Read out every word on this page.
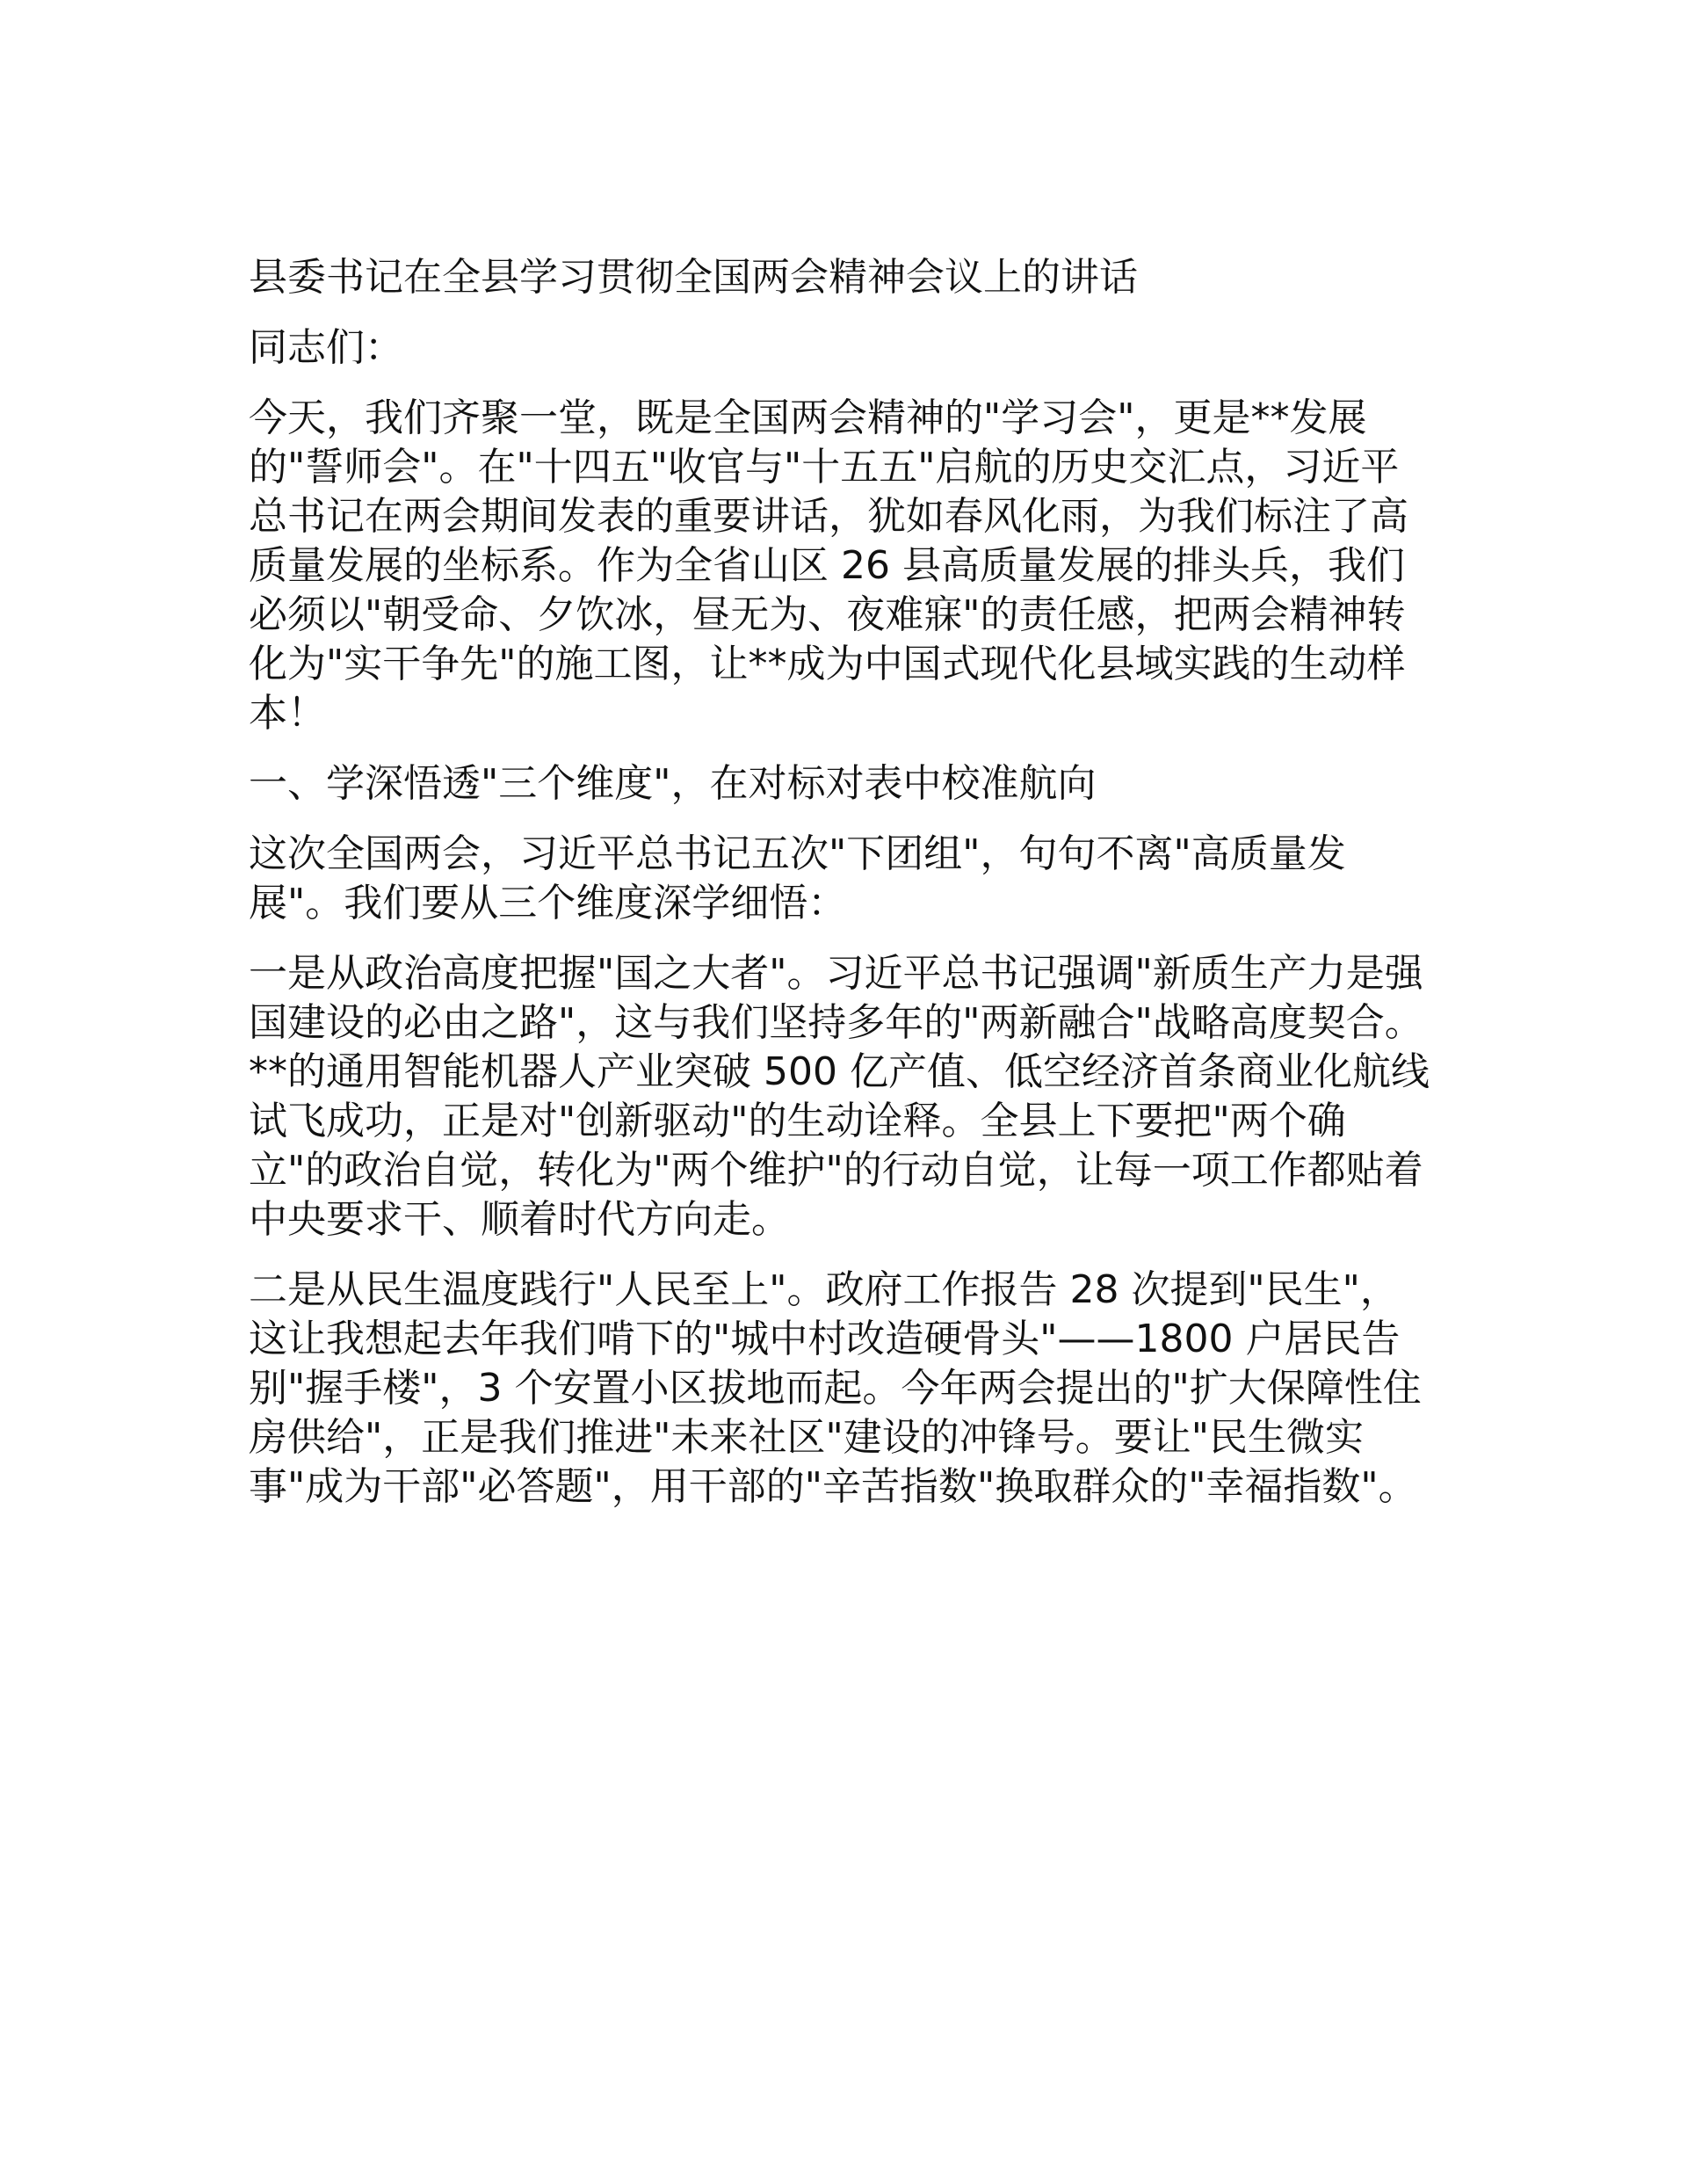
县委书记在全县学习贯彻全国两会精神会议上的讲话

同志们：

今天，我们齐聚一堂，既是全国两会精神的"学习会"，更是**发展的"誓师会"。在"十四五"收官与"十五五"启航的历史交汇点，习近平总书记在两会期间发表的重要讲话，犹如春风化雨，为我们标注了高质量发展的坐标系。作为全省山区 26 县高质量发展的排头兵，我们必须以"朝受命、夕饮冰，昼无为、夜难寐"的责任感，把两会精神转化为"实干争先"的施工图，让**成为中国式现代化县域实践的生动样本！

一、学深悟透"三个维度"，在对标对表中校准航向

这次全国两会，习近平总书记五次"下团组"，句句不离"高质量发展"。我们要从三个维度深学细悟：

一是从政治高度把握"国之大者"。习近平总书记强调"新质生产力是强国建设的必由之路"，这与我们坚持多年的"两新融合"战略高度契合。**的通用智能机器人产业突破 500 亿产值、低空经济首条商业化航线试飞成功，正是对"创新驱动"的生动诠释。全县上下要把"两个确立"的政治自觉，转化为"两个维护"的行动自觉，让每一项工作都贴着中央要求干、顺着时代方向走。

二是从民生温度践行"人民至上"。政府工作报告 28 次提到"民生"，这让我想起去年我们啃下的"城中村改造硬骨头"——1800 户居民告别"握手楼"，3 个安置小区拔地而起。今年两会提出的"扩大保障性住房供给"，正是我们推进"未来社区"建设的冲锋号。要让"民生微实事"成为干部"必答题"，用干部的"辛苦指数"换取群众的"幸福指数"。
